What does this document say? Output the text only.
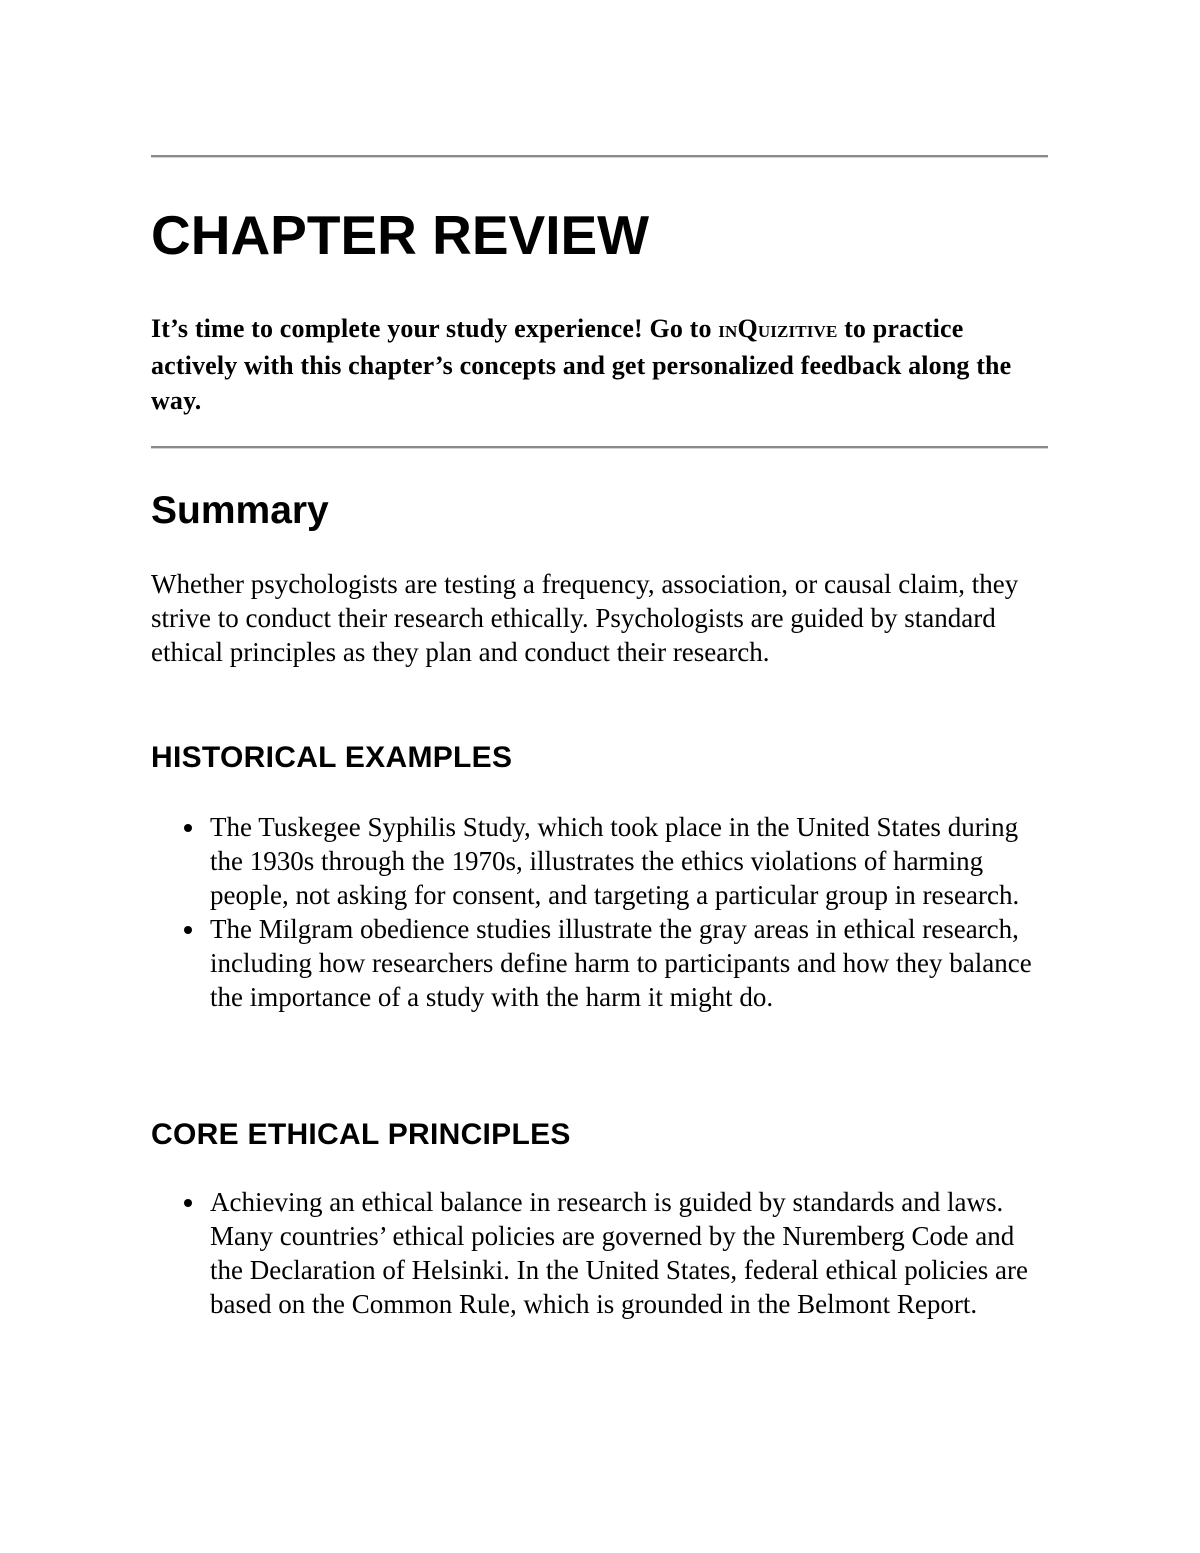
CHAPTER REVIEW

It’s time to complete your study experience! Go to inQuizitive to practice actively with this chapter’s concepts and get personalized feedback along the way.

Summary

Whether psychologists are testing a frequency, association, or causal claim, they strive to conduct their research ethically. Psychologists are guided by standard ethical principles as they plan and conduct their research.

HISTORICAL EXAMPLES
The Tuskegee Syphilis Study, which took place in the United States during the 1930s through the 1970s, illustrates the ethics violations of harming people, not asking for consent, and targeting a particular group in research.
The Milgram obedience studies illustrate the gray areas in ethical research, including how researchers define harm to participants and how they balance the importance of a study with the harm it might do.
CORE ETHICAL PRINCIPLES
Achieving an ethical balance in research is guided by standards and laws. Many countries’ ethical policies are governed by the Nuremberg Code and the Declaration of Helsinki. In the United States, federal ethical policies are based on the Common Rule, which is grounded in the Belmont Report.
